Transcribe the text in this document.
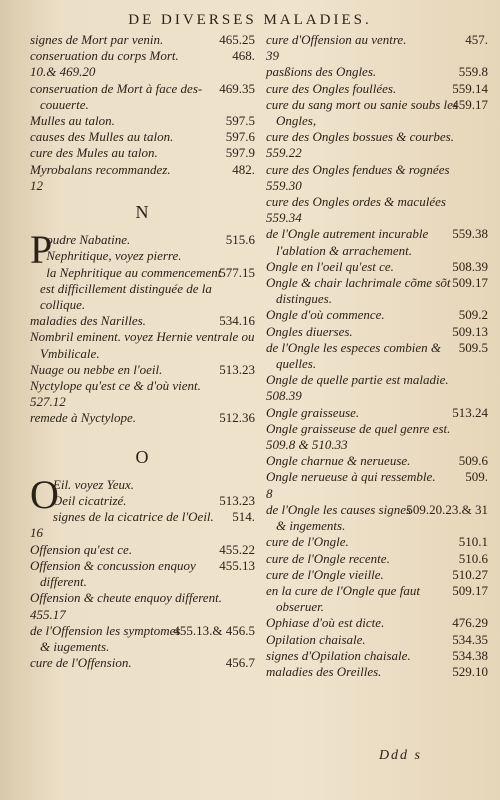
DE DIVERSES MALADIES.

465.25
signes de Mort par venin.

468.
conseruation du corps Mort.

10.& 469.20

469.35
conseruation de Mort à face des-couuerte.

597.5
Mulles au talon.

597.6
causes des Mulles au talon.

597.9
cure des Mules au talon.

482.
Myrobalans recommandez.

12

N
P	515.6
oudre Nabatine.

Nephritique, voyez pierre.

577.15
la Nephritique au commencement est difficillement distinguée de la collique.

534.16
maladies des Narilles.

Nombril eminent. voyez Hernie ventrale ou Vmbilicale.

513.23
Nuage ou nebbe en l'oeil.

Nyctylope qu'est ce & d'où vient.

527.12

512.36
remede à Nyctylope.

O
O

Eil. voyez Yeux.

513.23
Oeil cicatrizé.

514.
signes de la cicatrice de l'Oeil.

16

455.22
Offension qu'est ce.

455.13
Offension & concussion enquoy different.

Offension & cheute enquoy different.

455.17

455.13.& 456.5
de l'Offension les symptomes & iugements.

456.7
cure de l'Offension.

457.
cure d'Offension au ventre.

39

559.8
pasßions des Ongles.

559.14
cure des Ongles foullées.

459.17
cure du sang mort ou sanie soubs les Ongles,

cure des Ongles bossues & courbes.

559.22

cure des Ongles fendues & rognées

559.30

cure des Ongles ordes & maculées

559.34

559.38
de l'Ongle autrement incurable l'ablation & arrachement.

508.39
Ongle en l'oeil qu'est ce.

509.17
Ongle & chair lachrimale cõme sõt distingues.

509.2
Ongle d'où commence.

509.13
Ongles diuerses.

509.5
de l'Ongle les especes combien & quelles.

Ongle de quelle partie est maladie.

508.39

513.24
Ongle graisseuse.

Ongle graisseuse de quel genre est.

509.8 & 510.33

509.6
Ongle charnue & nerueuse.

509.
Ongle nerueuse à qui ressemble.

8

509.20.23.& 31
de l'Ongle les causes signes & ingements.

510.1
cure de l'Ongle.

510.6
cure de l'Ongle recente.

510.27
cure de l'Ongle vieille.

509.17
en la cure de l'Ongle que faut obseruer.

476.29
Ophiase d'où est dicte.

534.35
Opilation chaisale.

534.38
signes d'Opilation chaisale.

529.10
maladies des Oreilles.

Ddd s
